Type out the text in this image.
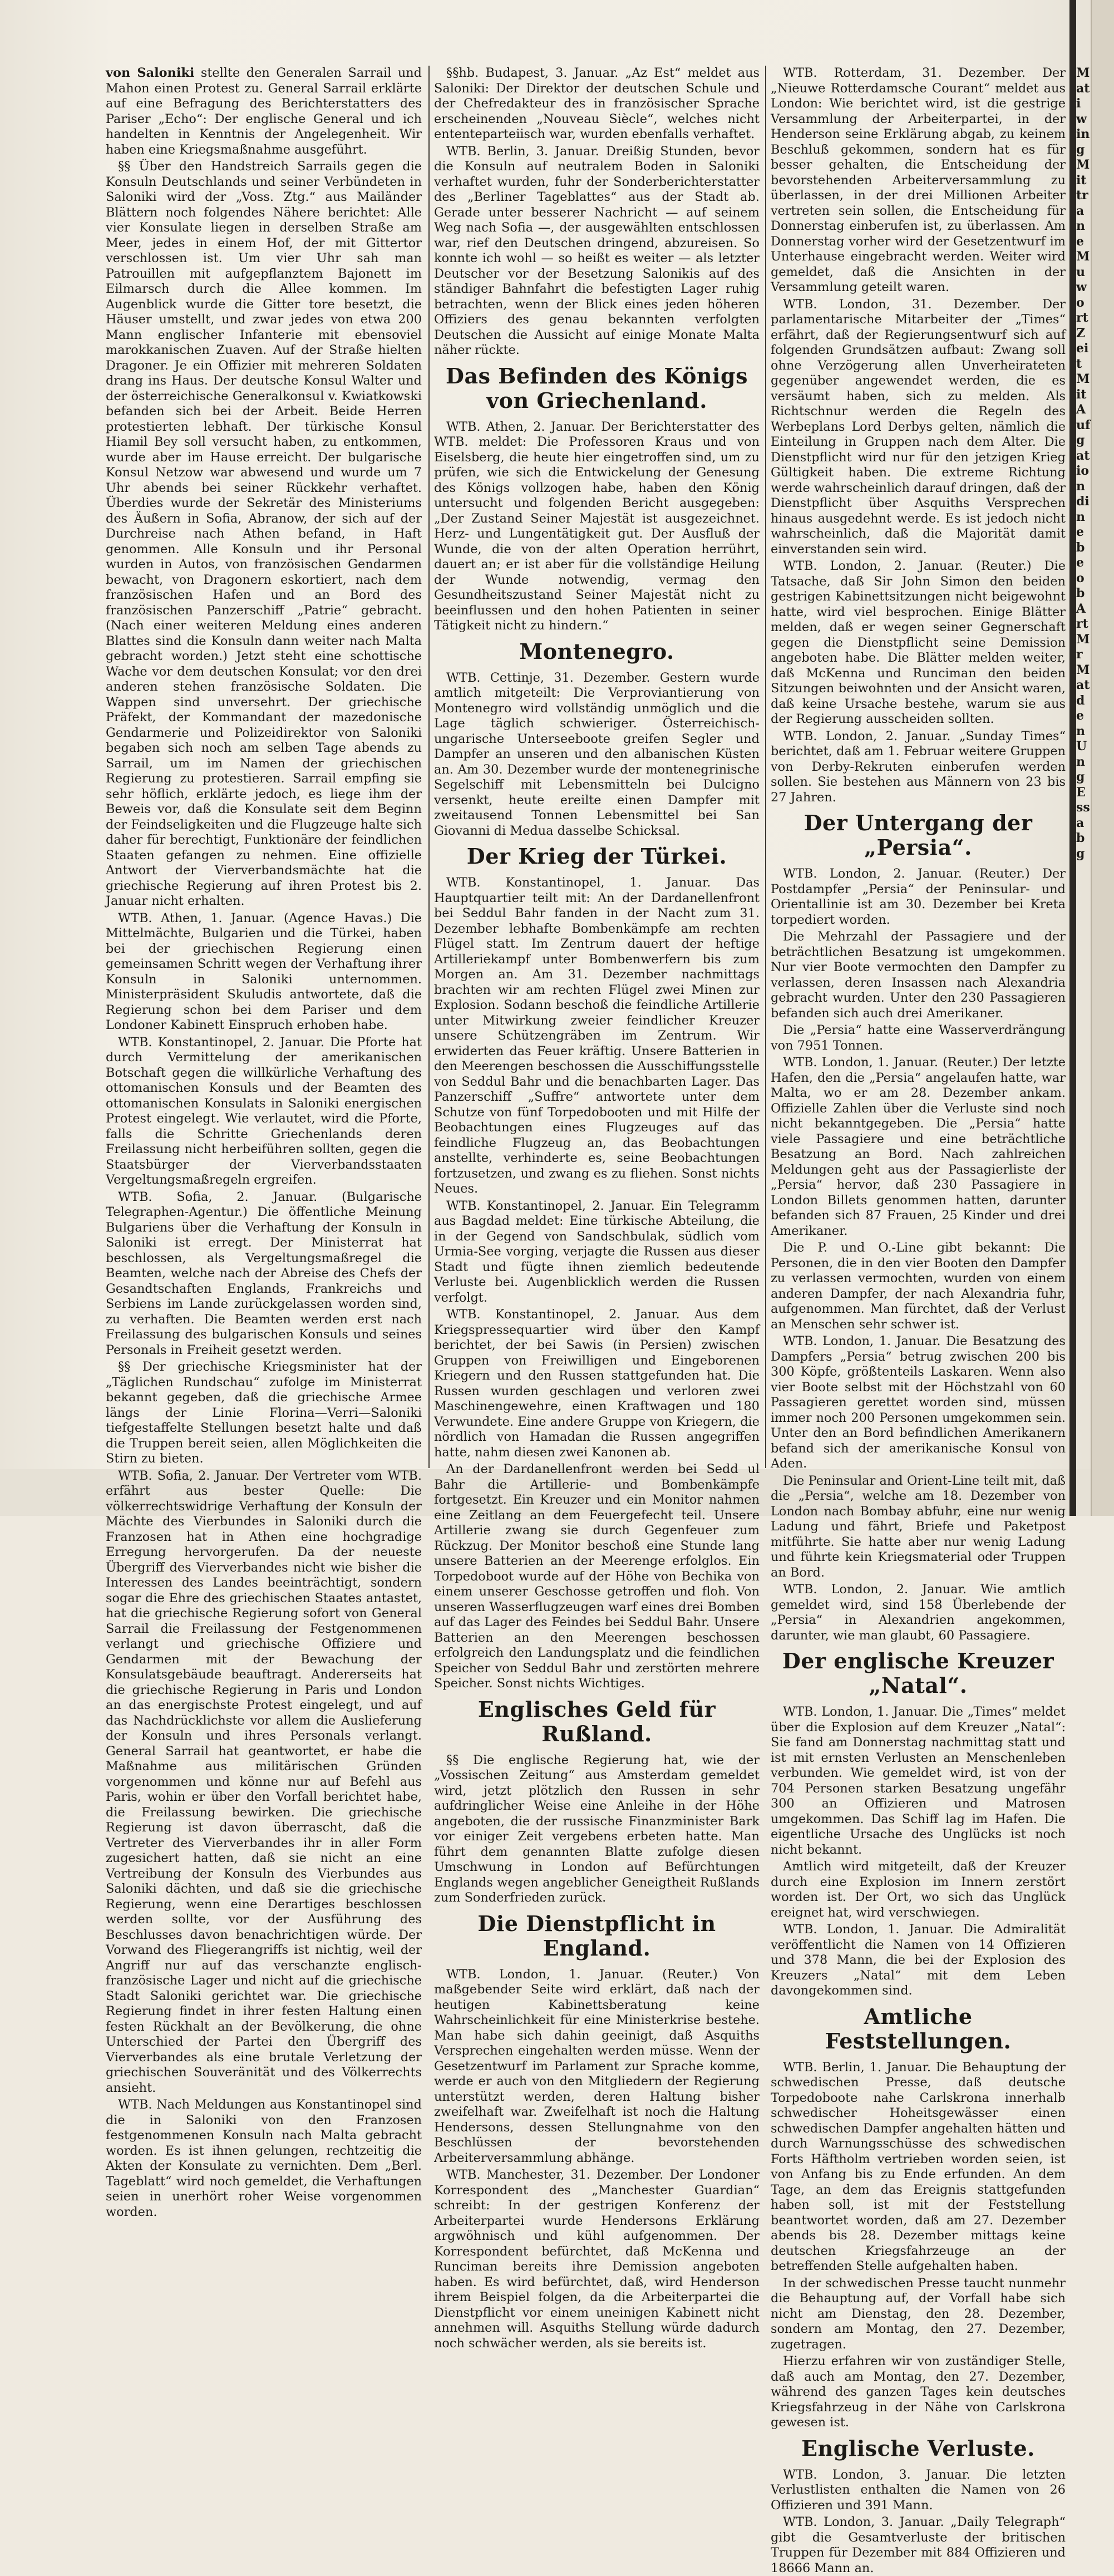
Mati wing Mit trane Mu wort Zeit Mit Aufg ation dine beob Art Mr Mat den Ung Ess abg

von Saloniki stellte den Generalen Sarrail und Mahon einen Protest zu. General Sarrail erklärte auf eine Befragung des Berichterstatters des Pariser „Echo“: Der englische General und ich handelten in Kenntnis der Angelegenheit. Wir haben eine Kriegsmaßnahme ausgeführt.

§§ Über den Handstreich Sarrails gegen die Konsuln Deutschlands und seiner Verbündeten in Saloniki wird der „Voss. Ztg.“ aus Mailänder Blättern noch folgendes Nähere berichtet: Alle vier Konsulate liegen in derselben Straße am Meer, jedes in einem Hof, der mit Gittertor verschlossen ist. Um vier Uhr sah man Patrouillen mit aufgepflanztem Bajonett im Eilmarsch durch die Allee kommen. Im Augenblick wurde die Gitter tore besetzt, die Häuser umstellt, und zwar jedes von etwa 200 Mann englischer Infanterie mit ebensoviel marokkanischen Zuaven. Auf der Straße hielten Dragoner. Je ein Offizier mit mehreren Soldaten drang ins Haus. Der deutsche Konsul Walter und der österreichische Generalkonsul v. Kwiatkowski befanden sich bei der Arbeit. Beide Herren protestierten lebhaft. Der türkische Konsul Hiamil Bey soll versucht haben, zu entkommen, wurde aber im Hause erreicht. Der bulgarische Konsul Netzow war abwesend und wurde um 7 Uhr abends bei seiner Rückkehr verhaftet. Überdies wurde der Sekretär des Ministeriums des Äußern in Sofia, Abranow, der sich auf der Durchreise nach Athen befand, in Haft genommen. Alle Konsuln und ihr Personal wurden in Autos, von französischen Gendarmen bewacht, von Dragonern eskortiert, nach dem französischen Hafen und an Bord des französischen Panzerschiff „Patrie“ gebracht. (Nach einer weiteren Meldung eines anderen Blattes sind die Konsuln dann weiter nach Malta gebracht worden.) Jetzt steht eine schottische Wache vor dem deutschen Konsulat; vor den drei anderen stehen französische Soldaten. Die Wappen sind unversehrt. Der griechische Präfekt, der Kommandant der mazedonische Gendarmerie und Polizeidirektor von Saloniki begaben sich noch am selben Tage abends zu Sarrail, um im Namen der griechischen Regierung zu protestieren. Sarrail empfing sie sehr höflich, erklärte jedoch, es liege ihm der Beweis vor, daß die Konsulate seit dem Beginn der Feindseligkeiten und die Flugzeuge halte sich daher für berechtigt, Funktionäre der feindlichen Staaten gefangen zu nehmen. Eine offizielle Antwort der Vierverbandsmächte hat die griechische Regierung auf ihren Protest bis 2. Januar nicht erhalten.

WTB. Athen, 1. Januar. (Agence Havas.) Die Mittelmächte, Bulgarien und die Türkei, haben bei der griechischen Regierung einen gemeinsamen Schritt wegen der Verhaftung ihrer Konsuln in Saloniki unternommen. Ministerpräsident Skuludis antwortete, daß die Regierung schon bei dem Pariser und dem Londoner Kabinett Einspruch erhoben habe.

WTB. Konstantinopel, 2. Januar. Die Pforte hat durch Vermittelung der amerikanischen Botschaft gegen die willkürliche Verhaftung des ottomanischen Konsuls und der Beamten des ottomanischen Konsulats in Saloniki energischen Protest eingelegt. Wie verlautet, wird die Pforte, falls die Schritte Griechenlands deren Freilassung nicht herbeiführen sollten, gegen die Staatsbürger der Vierverbandsstaaten Vergeltungsmaßregeln ergreifen.

WTB. Sofia, 2. Januar. (Bulgarische Telegraphen-Agentur.) Die öffentliche Meinung Bulgariens über die Verhaftung der Konsuln in Saloniki ist erregt. Der Ministerrat hat beschlossen, als Vergeltungsmaßregel die Beamten, welche nach der Abreise des Chefs der Gesandtschaften Englands, Frankreichs und Serbiens im Lande zurückgelassen worden sind, zu verhaften. Die Beamten werden erst nach Freilassung des bulgarischen Konsuls und seines Personals in Freiheit gesetzt werden.

§§ Der griechische Kriegsminister hat der „Täglichen Rundschau“ zufolge im Ministerrat bekannt gegeben, daß die griechische Armee längs der Linie Florina—Verri—Saloniki tiefgestaffelte Stellungen besetzt halte und daß die Truppen bereit seien, allen Möglichkeiten die Stirn zu bieten.

WTB. Sofia, 2. Januar. Der Vertreter vom WTB. erfährt aus bester Quelle: Die völkerrechtswidrige Verhaftung der Konsuln der Mächte des Vierbundes in Saloniki durch die Franzosen hat in Athen eine hochgradige Erregung hervorgerufen. Da der neueste Übergriff des Vierverbandes nicht wie bisher die Interessen des Landes beeinträchtigt, sondern sogar die Ehre des griechischen Staates antastet, hat die griechische Regierung sofort von General Sarrail die Freilassung der Festgenommenen verlangt und griechische Offiziere und Gendarmen mit der Bewachung der Konsulatsgebäude beauftragt. Andererseits hat die griechische Regierung in Paris und London an das energischste Protest eingelegt, und auf das Nachdrücklichste vor allem die Auslieferung der Konsuln und ihres Personals verlangt. General Sarrail hat geantwortet, er habe die Maßnahme aus militärischen Gründen vorgenommen und könne nur auf Befehl aus Paris, wohin er über den Vorfall berichtet habe, die Freilassung bewirken. Die griechische Regierung ist davon überrascht, daß die Vertreter des Vierverbandes ihr in aller Form zugesichert hatten, daß sie nicht an eine Vertreibung der Konsuln des Vierbundes aus Saloniki dächten, und daß sie die griechische Regierung, wenn eine Derartiges beschlossen werden sollte, vor der Ausführung des Beschlusses davon benachrichtigen würde. Der Vorwand des Fliegerangriffs ist nichtig, weil der Angriff nur auf das verschanzte englisch-französische Lager und nicht auf die griechische Stadt Saloniki gerichtet war. Die griechische Regierung findet in ihrer festen Haltung einen festen Rückhalt an der Bevölkerung, die ohne Unterschied der Partei den Übergriff des Vierverbandes als eine brutale Verletzung der griechischen Souveränität und des Völkerrechts ansieht.

WTB. Nach Meldungen aus Konstantinopel sind die in Saloniki von den Franzosen festgenommenen Konsuln nach Malta gebracht worden. Es ist ihnen gelungen, rechtzeitig die Akten der Konsulate zu vernichten. Dem „Berl. Tageblatt“ wird noch gemeldet, die Verhaftungen seien in unerhört roher Weise vorgenommen worden.

§§hb. Budapest, 3. Januar. „Az Est“ meldet aus Saloniki: Der Direktor der deutschen Schule und der Chefredakteur des in französischer Sprache erscheinenden „Nouveau Siècle“, welches nicht ententeparteiisch war, wurden ebenfalls verhaftet.

WTB. Berlin, 3. Januar. Dreißig Stunden, bevor die Konsuln auf neutralem Boden in Saloniki verhaftet wurden, fuhr der Sonderberichterstatter des „Berliner Tageblattes“ aus der Stadt ab. Gerade unter besserer Nachricht — auf seinem Weg nach Sofia —, der ausgewählten entschlossen war, rief den Deutschen dringend, abzureisen. So konnte ich wohl — so heißt es weiter — als letzter Deutscher vor der Besetzung Salonikis auf des ständiger Bahnfahrt die befestigten Lager ruhig betrachten, wenn der Blick eines jeden höheren Offiziers des genau bekannten verfolgten Deutschen die Aussicht auf einige Monate Malta näher rückte.

Das Befinden des Königs von Griechenland.

WTB. Athen, 2. Januar. Der Berichterstatter des WTB. meldet: Die Professoren Kraus und von Eiselsberg, die heute hier eingetroffen sind, um zu prüfen, wie sich die Entwickelung der Genesung des Königs vollzogen habe, haben den König untersucht und folgenden Bericht ausgegeben: „Der Zustand Seiner Majestät ist ausgezeichnet. Herz- und Lungentätigkeit gut. Der Ausfluß der Wunde, die von der alten Operation herrührt, dauert an; er ist aber für die vollständige Heilung der Wunde notwendig, vermag den Gesundheitszustand Seiner Majestät nicht zu beeinflussen und den hohen Patienten in seiner Tätigkeit nicht zu hindern.“

Montenegro.

WTB. Cettinje, 31. Dezember. Gestern wurde amtlich mitgeteilt: Die Verproviantierung von Montenegro wird vollständig unmöglich und die Lage täglich schwieriger. Österreichisch-ungarische Unterseeboote greifen Segler und Dampfer an unseren und den albanischen Küsten an. Am 30. Dezember wurde der montenegrinische Segelschiff mit Lebensmitteln bei Dulcigno versenkt, heute ereilte einen Dampfer mit zweitausend Tonnen Lebensmittel bei San Giovanni di Medua dasselbe Schicksal.

Der Krieg der Türkei.

WTB. Konstantinopel, 1. Januar. Das Hauptquartier teilt mit: An der Dardanellenfront bei Seddul Bahr fanden in der Nacht zum 31. Dezember lebhafte Bombenkämpfe am rechten Flügel statt. Im Zentrum dauert der heftige Artilleriekampf unter Bombenwerfern bis zum Morgen an. Am 31. Dezember nachmittags brachten wir am rechten Flügel zwei Minen zur Explosion. Sodann beschoß die feindliche Artillerie unter Mitwirkung zweier feindlicher Kreuzer unsere Schützengräben im Zentrum. Wir erwiderten das Feuer kräftig. Unsere Batterien in den Meerengen beschossen die Ausschiffungsstelle von Seddul Bahr und die benachbarten Lager. Das Panzerschiff „Suffre“ antwortete unter dem Schutze von fünf Torpedobooten und mit Hilfe der Beobachtungen eines Flugzeuges auf das feindliche Flugzeug an, das Beobachtungen anstellte, verhinderte es, seine Beobachtungen fortzusetzen, und zwang es zu fliehen. Sonst nichts Neues.

WTB. Konstantinopel, 2. Januar. Ein Telegramm aus Bagdad meldet: Eine türkische Abteilung, die in der Gegend von Sandschbulak, südlich vom Urmia-See vorging, verjagte die Russen aus dieser Stadt und fügte ihnen ziemlich bedeutende Verluste bei. Augenblicklich werden die Russen verfolgt.

WTB. Konstantinopel, 2. Januar. Aus dem Kriegspressequartier wird über den Kampf berichtet, der bei Sawis (in Persien) zwischen Gruppen von Freiwilligen und Eingeborenen Kriegern und den Russen stattgefunden hat. Die Russen wurden geschlagen und verloren zwei Maschinengewehre, einen Kraftwagen und 180 Verwundete. Eine andere Gruppe von Kriegern, die nördlich von Hamadan die Russen angegriffen hatte, nahm diesen zwei Kanonen ab.

An der Dardanellenfront werden bei Sedd ul Bahr die Artillerie- und Bombenkämpfe fortgesetzt. Ein Kreuzer und ein Monitor nahmen eine Zeitlang an dem Feuergefecht teil. Unsere Artillerie zwang sie durch Gegenfeuer zum Rückzug. Der Monitor beschoß eine Stunde lang unsere Batterien an der Meerenge erfolglos. Ein Torpedoboot wurde auf der Höhe von Bechika von einem unserer Geschosse getroffen und floh. Von unseren Wasserflugzeugen warf eines drei Bomben auf das Lager des Feindes bei Seddul Bahr. Unsere Batterien an den Meerengen beschossen erfolgreich den Landungsplatz und die feindlichen Speicher von Seddul Bahr und zerstörten mehrere Speicher. Sonst nichts Wichtiges.

Englisches Geld für Rußland.

§§ Die englische Regierung hat, wie der „Vossischen Zeitung“ aus Amsterdam gemeldet wird, jetzt plötzlich den Russen in sehr aufdringlicher Weise eine Anleihe in der Höhe angeboten, die der russische Finanzminister Bark vor einiger Zeit vergebens erbeten hatte. Man führt dem genannten Blatte zufolge diesen Umschwung in London auf Befürchtungen Englands wegen angeblicher Geneigtheit Rußlands zum Sonderfrieden zurück.

Die Dienstpflicht in England.

WTB. London, 1. Januar. (Reuter.) Von maßgebender Seite wird erklärt, daß nach der heutigen Kabinettsberatung keine Wahrscheinlichkeit für eine Ministerkrise bestehe. Man habe sich dahin geeinigt, daß Asquiths Versprechen eingehalten werden müsse. Wenn der Gesetzentwurf im Parlament zur Sprache komme, werde er auch von den Mitgliedern der Regierung unterstützt werden, deren Haltung bisher zweifelhaft war. Zweifelhaft ist noch die Haltung Hendersons, dessen Stellungnahme von den Beschlüssen der bevorstehenden Arbeiterversammlung abhänge.

WTB. Manchester, 31. Dezember. Der Londoner Korrespondent des „Manchester Guardian“ schreibt: In der gestrigen Konferenz der Arbeiterpartei wurde Hendersons Erklärung argwöhnisch und kühl aufgenommen. Der Korrespondent befürchtet, daß McKenna und Runciman bereits ihre Demission angeboten haben. Es wird befürchtet, daß, wird Henderson ihrem Beispiel folgen, da die Arbeiterpartei die Dienstpflicht vor einem uneinigen Kabinett nicht annehmen will. Asquiths Stellung würde dadurch noch schwächer werden, als sie bereits ist.

WTB. Rotterdam, 31. Dezember. Der „Nieuwe Rotterdamsche Courant“ meldet aus London: Wie berichtet wird, ist die gestrige Versammlung der Arbeiterpartei, in der Henderson seine Erklärung abgab, zu keinem Beschluß gekommen, sondern hat es für besser gehalten, die Entscheidung der bevorstehenden Arbeiterversammlung zu überlassen, in der drei Millionen Arbeiter vertreten sein sollen, die Entscheidung für Donnerstag einberufen ist, zu überlassen. Am Donnerstag vorher wird der Gesetzentwurf im Unterhause eingebracht werden. Weiter wird gemeldet, daß die Ansichten in der Versammlung geteilt waren.

WTB. London, 31. Dezember. Der parlamentarische Mitarbeiter der „Times“ erfährt, daß der Regierungsentwurf sich auf folgenden Grundsätzen aufbaut: Zwang soll ohne Verzögerung allen Unverheirateten gegenüber angewendet werden, die es versäumt haben, sich zu melden. Als Richtschnur werden die Regeln des Werbeplans Lord Derbys gelten, nämlich die Einteilung in Gruppen nach dem Alter. Die Dienstpflicht wird nur für den jetzigen Krieg Gültigkeit haben. Die extreme Richtung werde wahrscheinlich darauf dringen, daß der Dienstpflicht über Asquiths Versprechen hinaus ausgedehnt werde. Es ist jedoch nicht wahrscheinlich, daß die Majorität damit einverstanden sein wird.

WTB. London, 2. Januar. (Reuter.) Die Tatsache, daß Sir John Simon den beiden gestrigen Kabinettsitzungen nicht beigewohnt hatte, wird viel besprochen. Einige Blätter melden, daß er wegen seiner Gegnerschaft gegen die Dienstpflicht seine Demission angeboten habe. Die Blätter melden weiter, daß McKenna und Runciman den beiden Sitzungen beiwohnten und der Ansicht waren, daß keine Ursache bestehe, warum sie aus der Regierung ausscheiden sollten.

WTB. London, 2. Januar. „Sunday Times“ berichtet, daß am 1. Februar weitere Gruppen von Derby-Rekruten einberufen werden sollen. Sie bestehen aus Männern von 23 bis 27 Jahren.

Der Untergang der „Persia“.

WTB. London, 2. Januar. (Reuter.) Der Postdampfer „Persia“ der Peninsular- und Orientallinie ist am 30. Dezember bei Kreta torpediert worden.

Die Mehrzahl der Passagiere und der beträchtlichen Besatzung ist umgekommen. Nur vier Boote vermochten den Dampfer zu verlassen, deren Insassen nach Alexandria gebracht wurden. Unter den 230 Passagieren befanden sich auch drei Amerikaner.

Die „Persia“ hatte eine Wasserverdrängung von 7951 Tonnen.

WTB. London, 1. Januar. (Reuter.) Der letzte Hafen, den die „Persia“ angelaufen hatte, war Malta, wo er am 28. Dezember ankam. Offizielle Zahlen über die Verluste sind noch nicht bekanntgegeben. Die „Persia“ hatte viele Passagiere und eine beträchtliche Besatzung an Bord. Nach zahlreichen Meldungen geht aus der Passagierliste der „Persia“ hervor, daß 230 Passagiere in London Billets genommen hatten, darunter befanden sich 87 Frauen, 25 Kinder und drei Amerikaner.

Die P. und O.-Line gibt bekannt: Die Personen, die in den vier Booten den Dampfer zu verlassen vermochten, wurden von einem anderen Dampfer, der nach Alexandria fuhr, aufgenommen. Man fürchtet, daß der Verlust an Menschen sehr schwer ist.

WTB. London, 1. Januar. Die Besatzung des Dampfers „Persia“ betrug zwischen 200 bis 300 Köpfe, größtenteils Laskaren. Wenn also vier Boote selbst mit der Höchstzahl von 60 Passagieren gerettet worden sind, müssen immer noch 200 Personen umgekommen sein. Unter den an Bord befindlichen Amerikanern befand sich der amerikanische Konsul von Aden.

Die Peninsular and Orient-Line teilt mit, daß die „Persia“, welche am 18. Dezember von London nach Bombay abfuhr, eine nur wenig Ladung und fährt, Briefe und Paketpost mitführte. Sie hatte aber nur wenig Ladung und führte kein Kriegsmaterial oder Truppen an Bord.

WTB. London, 2. Januar. Wie amtlich gemeldet wird, sind 158 Überlebende der „Persia“ in Alexandrien angekommen, darunter, wie man glaubt, 60 Passagiere.

Der englische Kreuzer „Natal“.

WTB. London, 1. Januar. Die „Times“ meldet über die Explosion auf dem Kreuzer „Natal“: Sie fand am Donnerstag nachmittag statt und ist mit ernsten Verlusten an Menschenleben verbunden. Wie gemeldet wird, ist von der 704 Personen starken Besatzung ungefähr 300 an Offizieren und Matrosen umgekommen. Das Schiff lag im Hafen. Die eigentliche Ursache des Unglücks ist noch nicht bekannt.

Amtlich wird mitgeteilt, daß der Kreuzer durch eine Explosion im Innern zerstört worden ist. Der Ort, wo sich das Unglück ereignet hat, wird verschwiegen.

WTB. London, 1. Januar. Die Admiralität veröffentlicht die Namen von 14 Offizieren und 378 Mann, die bei der Explosion des Kreuzers „Natal“ mit dem Leben davongekommen sind.

Amtliche Feststellungen.

WTB. Berlin, 1. Januar. Die Behauptung der schwedischen Presse, daß deutsche Torpedoboote nahe Carlskrona innerhalb schwedischer Hoheitsgewässer einen schwedischen Dampfer angehalten hätten und durch Warnungsschüsse des schwedischen Forts Häftholm vertrieben worden seien, ist von Anfang bis zu Ende erfunden. An dem Tage, an dem das Ereignis stattgefunden haben soll, ist mit der Feststellung beantwortet worden, daß am 27. Dezember abends bis 28. Dezember mittags keine deutschen Kriegsfahrzeuge an der betreffenden Stelle aufgehalten haben.

In der schwedischen Presse taucht nunmehr die Behauptung auf, der Vorfall habe sich nicht am Dienstag, den 28. Dezember, sondern am Montag, den 27. Dezember, zugetragen.

Hierzu erfahren wir von zuständiger Stelle, daß auch am Montag, den 27. Dezember, während des ganzen Tages kein deutsches Kriegsfahrzeug in der Nähe von Carlskrona gewesen ist.

Englische Verluste.

WTB. London, 3. Januar. Die letzten Verlustlisten enthalten die Namen von 26 Offizieren und 391 Mann.

WTB. London, 3. Januar. „Daily Telegraph“ gibt die Gesamtverluste der britischen Truppen für Dezember mit 884 Offizieren und 18666 Mann an.
